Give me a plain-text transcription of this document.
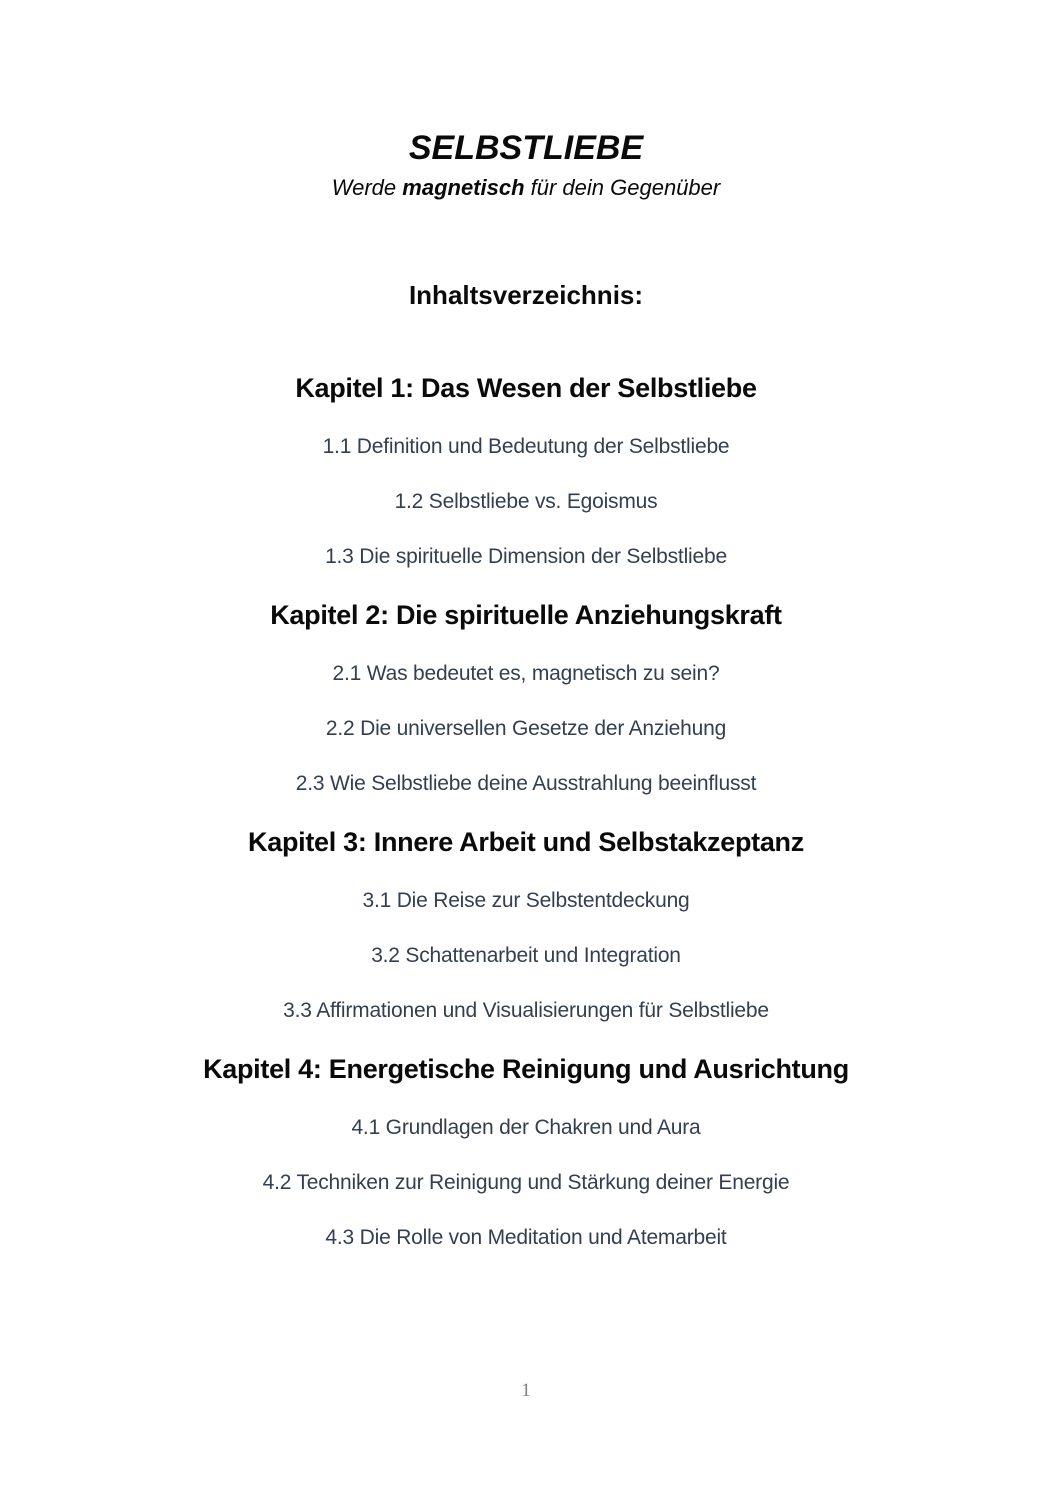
SELBSTLIEBE

Werde magnetisch für dein Gegenüber

Inhaltsverzeichnis:
Kapitel 1: Das Wesen der Selbstliebe

1.1 Definition und Bedeutung der Selbstliebe

1.2 Selbstliebe vs. Egoismus

1.3 Die spirituelle Dimension der Selbstliebe

Kapitel 2: Die spirituelle Anziehungskraft

2.1 Was bedeutet es, magnetisch zu sein?

2.2 Die universellen Gesetze der Anziehung

2.3 Wie Selbstliebe deine Ausstrahlung beeinflusst

Kapitel 3: Innere Arbeit und Selbstakzeptanz

3.1 Die Reise zur Selbstentdeckung

3.2 Schattenarbeit und Integration

3.3 Affirmationen und Visualisierungen für Selbstliebe

Kapitel 4: Energetische Reinigung und Ausrichtung

4.1 Grundlagen der Chakren und Aura

4.2 Techniken zur Reinigung und Stärkung deiner Energie

4.3 Die Rolle von Meditation und Atemarbeit

1
